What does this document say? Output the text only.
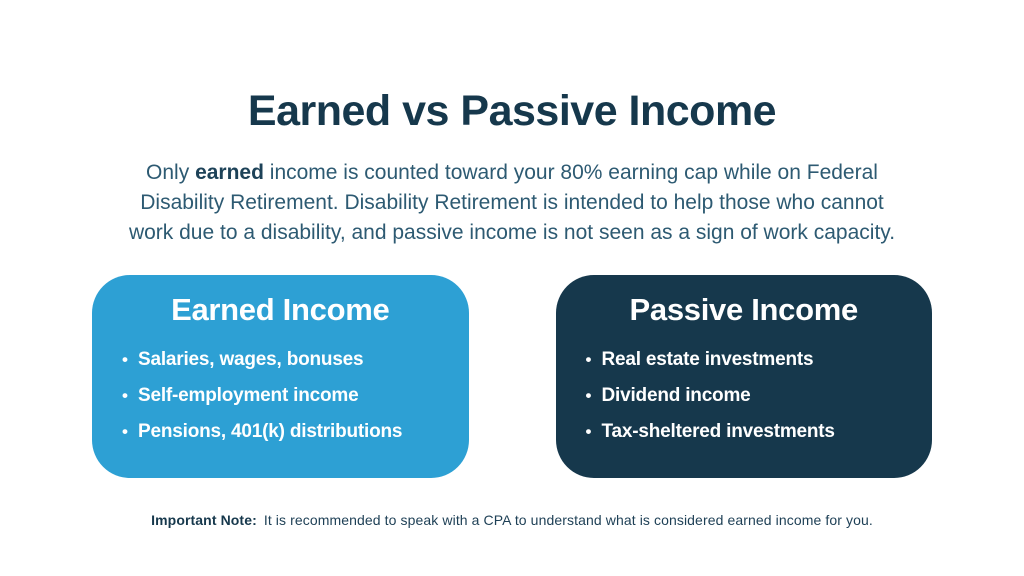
Earned vs Passive Income

Only earned income is counted toward your 80% earning cap while on Federal
Disability Retirement. Disability Retirement is intended to help those who cannot
work due to a disability, and passive income is not seen as a sign of work capacity.

Earned Income
• Salaries, wages, bonuses
• Self-employment income
• Pensions, 401(k) distributions
Passive Income
• Real estate investments
• Dividend income
• Tax-sheltered investments

Important Note: It is recommended to speak with a CPA to understand what is considered earned income for you.
